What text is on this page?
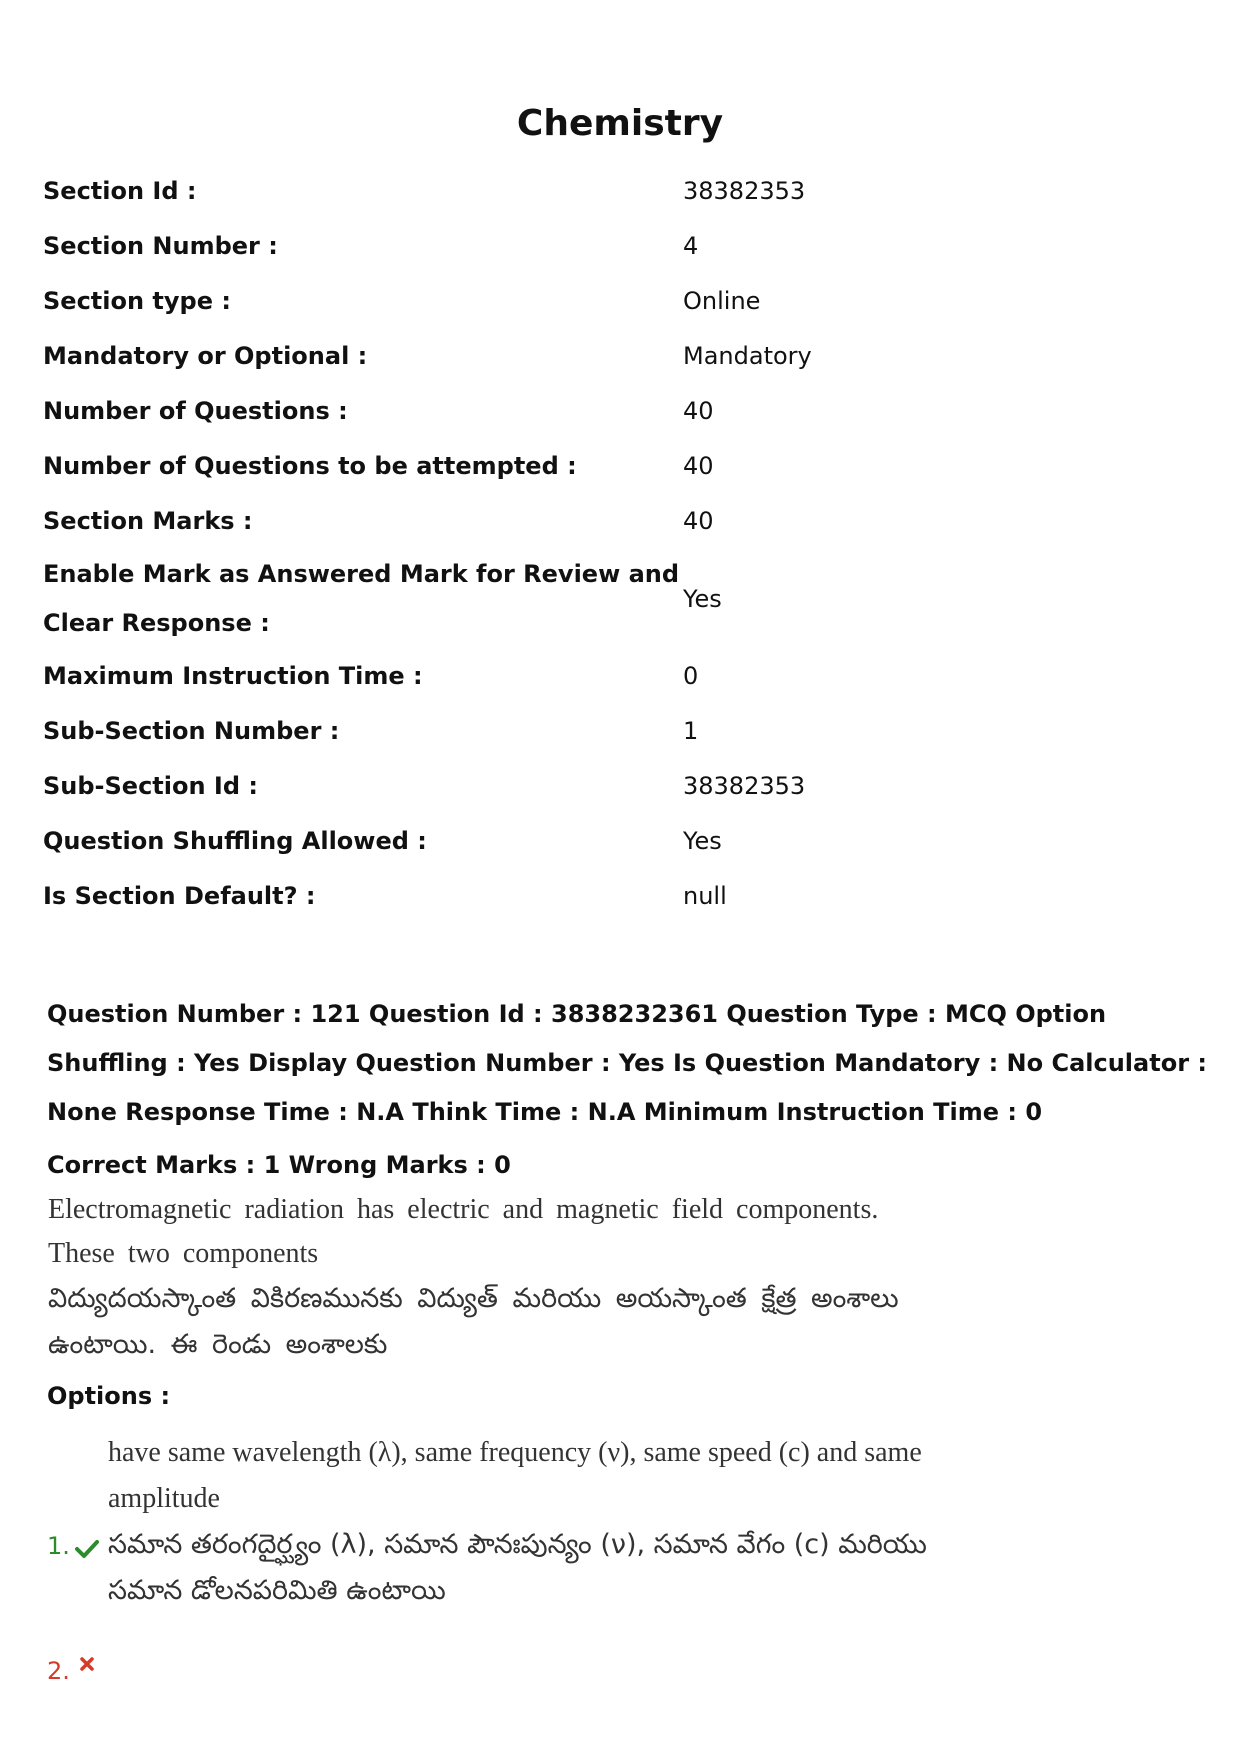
Chemistry
Section Id :	38382353
Section Number :	4
Section type :	Online
Mandatory or Optional :	Mandatory
Number of Questions :	40
Number of Questions to be attempted :	40
Section Marks :	40
Enable Mark as Answered Mark for Review and Clear Response :
Yes
Maximum Instruction Time :	0
Sub-Section Number :	1
Sub-Section Id :	38382353
Question Shuffling Allowed :	Yes
Is Section Default? :	null
Question Number : 121 Question Id : 3838232361 Question Type : MCQ Option Shuffling : Yes Display Question Number : Yes Is Question Mandatory : No Calculator : None Response Time : N.A Think Time : N.A Minimum Instruction Time : 0
Correct Marks : 1 Wrong Marks : 0
Electromagnetic radiation has electric and magnetic field components. These two components
విద్యుదయస్కాంత వికిరణమునకు విద్యుత్ మరియు అయస్కాంత క్షేత్ర అంశాలు ఉంటాయి. ఈ రెండు అంశాలకు
Options :
have same wavelength (λ), same frequency (ν), same speed (c) and same amplitude
సమాన తరంగదైర్ఘ్యం (λ), సమాన పౌనఃపున్యం (ν), సమాన వేగం (c) మరియు సమాన డోలనపరిమితి ఉంటాయి
1.
2.
